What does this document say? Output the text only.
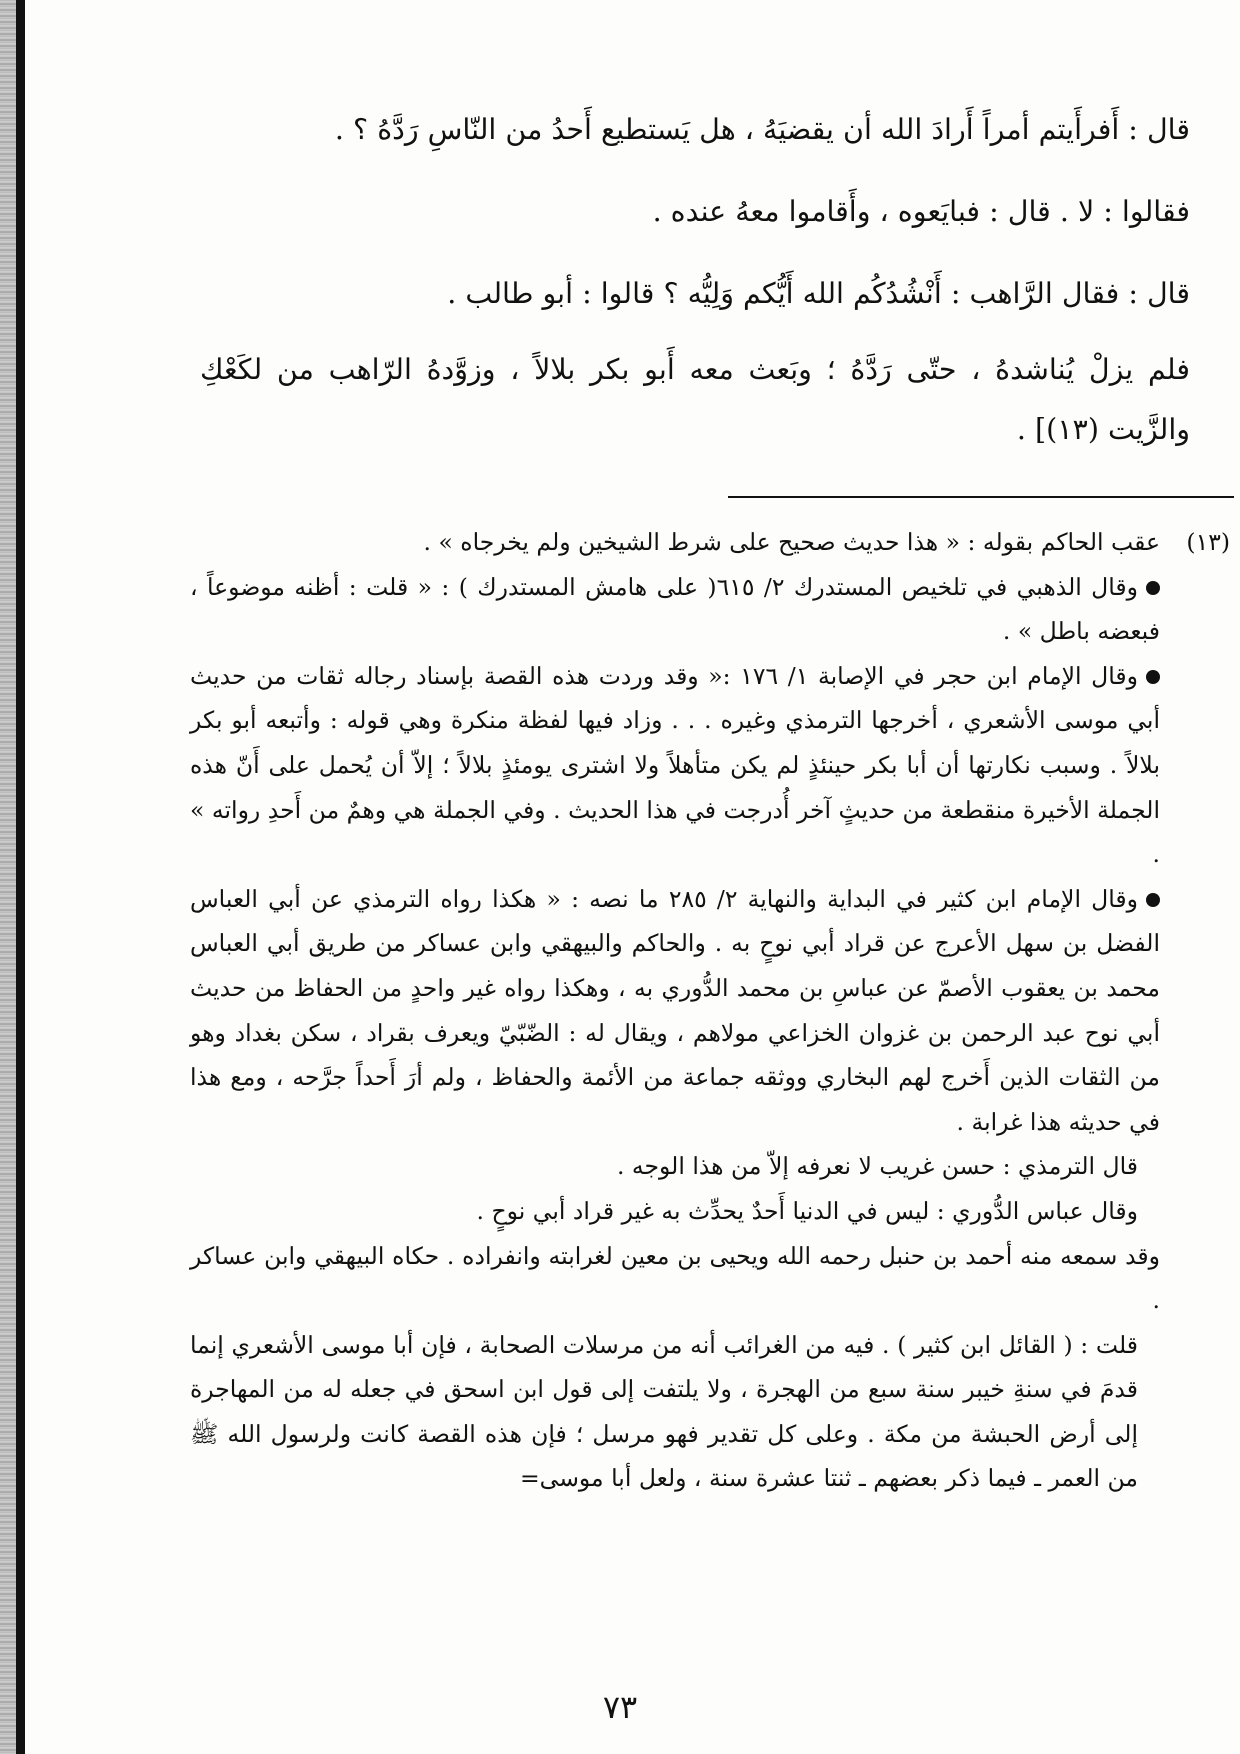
قال : أَفرأَيتم أمراً أَرادَ الله أن يقضيَهُ ، هل يَستطيع أَحدُ من النّاسِ رَدَّهُ ؟ .

فقالوا : لا . قال : فبايَعوه ، وأَقاموا معهُ عنده .

قال : فقال الرَّاهب : أَنْشُدُكُم الله أَيُّكم وَلِيُّه ؟ قالوا : أبو طالب .

فلم يزلْ يُناشدهُ ، حتّى رَدَّهُ ؛ وبَعث معه أَبو بكر بلالاً ، وزوَّدهُ الرّاهب من لكَعْكِ والزَّيت (١٣)] .

(١٣)

عقب الحاكم بقوله : « هذا حديث صحيح على شرط الشيخين ولم يخرجاه » .

وقال الذهبي في تلخيص المستدرك ٢/ ٦١٥( على هامش المستدرك ) : « قلت : أظنه موضوعاً ، فبعضه باطل » .

وقال الإمام ابن حجر في الإصابة ١/ ١٧٦ :« وقد وردت هذه القصة بإسناد رجاله ثقات من حديث أبي موسى الأشعري ، أخرجها الترمذي وغيره . . . وزاد فيها لفظة منكرة وهي قوله : وأتبعه أبو بكر بلالاً . وسبب نكارتها أن أبا بكر حينئذٍ لم يكن متأهلاً ولا اشترى يومئذٍ بلالاً ؛ إلاّ أن يُحمل على أَنّ هذه الجملة الأخيرة منقطعة من حديثٍ آخر أُدرجت في هذا الحديث . وفي الجملة هي وهمٌ من أَحدِ رواته » .

وقال الإمام ابن كثير في البداية والنهاية ٢/ ٢٨٥ ما نصه : « هكذا رواه الترمذي عن أبي العباس الفضل بن سهل الأعرج عن قراد أبي نوحٍ به . والحاكم والبيهقي وابن عساكر من طريق أبي العباس محمد بن يعقوب الأصمّ عن عباسِ بن محمد الدُّوري به ، وهكذا رواه غير واحدٍ من الحفاظ من حديث أبي نوح عبد الرحمن بن غزوان الخزاعي مولاهم ، ويقال له : الضّبّيّ ويعرف بقراد ، سكن بغداد وهو من الثقات الذين أَخرج لهم البخاري ووثقه جماعة من الأئمة والحفاظ ، ولم أرَ أَحداً جرَّحه ، ومع هذا في حديثه هذا غرابة .

قال الترمذي : حسن غريب لا نعرفه إلاّ من هذا الوجه .

وقال عباس الدُّوري : ليس في الدنيا أَحدٌ يحدِّث به غير قراد أبي نوحٍ .

وقد سمعه منه أحمد بن حنبل رحمه الله ويحيى بن معين لغرابته وانفراده . حكاه البيهقي وابن عساكر .

قلت : ( القائل ابن كثير ) . فيه من الغرائب أنه من مرسلات الصحابة ، فإن أبا موسى الأشعري إنما قدمَ في سنةِ خيبر سنة سبع من الهجرة ، ولا يلتفت إلى قول ابن اسحق في جعله له من المهاجرة إلى أرض الحبشة من مكة . وعلى كل تقدير فهو مرسل ؛ فإن هذه القصة كانت ولرسول الله ﷺ من العمر ـ فيما ذكر بعضهم ـ ثنتا عشرة سنة ، ولعل أبا موسى=

٧٣
